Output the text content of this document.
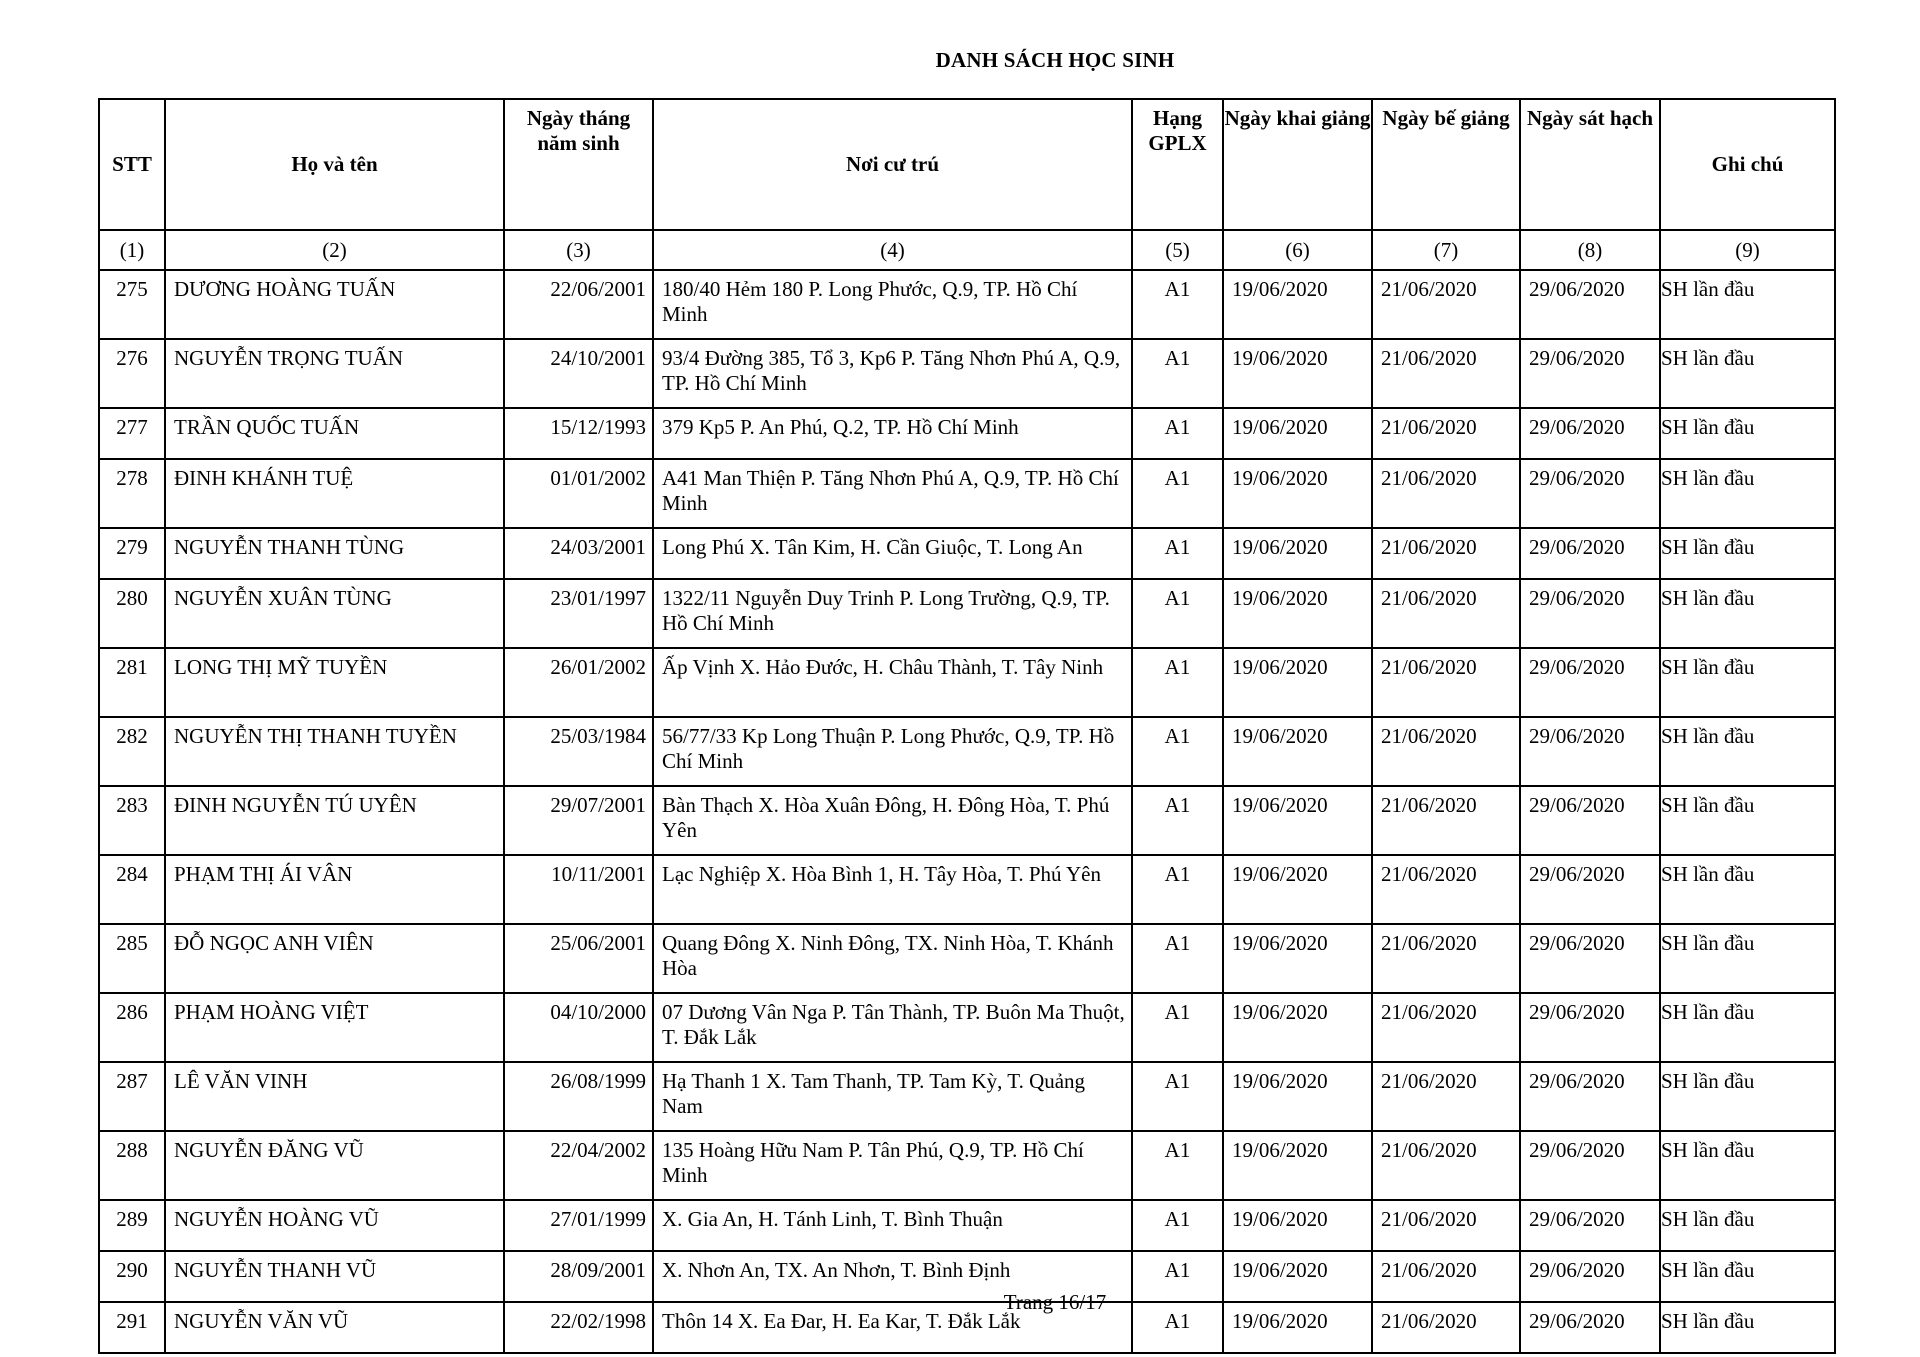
DANH SÁCH HỌC SINH
STT	Họ và tên	Ngày tháng năm sinh	Nơi cư trú	Hạng GPLX	Ngày khai giảng	Ngày bế giảng	Ngày sát hạch	Ghi chú
(1)	(2)	(3)	(4)	(5)	(6)	(7)	(8)	(9)
275	DƯƠNG HOÀNG TUẤN	22/06/2001	180/40 Hẻm 180 P. Long Phước, Q.9, TP. Hồ Chí Minh	A1	19/06/2020	21/06/2020	29/06/2020	SH lần đầu
276	NGUYỄN TRỌNG TUẤN	24/10/2001	93/4 Đường 385, Tổ 3, Kp6 P. Tăng Nhơn Phú A, Q.9, TP. Hồ Chí Minh	A1	19/06/2020	21/06/2020	29/06/2020	SH lần đầu
277	TRẦN QUỐC TUẤN	15/12/1993	379 Kp5 P. An Phú, Q.2, TP. Hồ Chí Minh	A1	19/06/2020	21/06/2020	29/06/2020	SH lần đầu
278	ĐINH KHÁNH TUỆ	01/01/2002	A41 Man Thiện P. Tăng Nhơn Phú A, Q.9, TP. Hồ Chí Minh	A1	19/06/2020	21/06/2020	29/06/2020	SH lần đầu
279	NGUYỄN THANH TÙNG	24/03/2001	Long Phú X. Tân Kim, H. Cần Giuộc, T. Long An	A1	19/06/2020	21/06/2020	29/06/2020	SH lần đầu
280	NGUYỄN XUÂN TÙNG	23/01/1997	1322/11 Nguyễn Duy Trinh P. Long Trường, Q.9, TP. Hồ Chí Minh	A1	19/06/2020	21/06/2020	29/06/2020	SH lần đầu
281	LONG THỊ MỸ TUYỀN	26/01/2002	Ấp Vịnh X. Hảo Đước, H. Châu Thành, T. Tây Ninh	A1	19/06/2020	21/06/2020	29/06/2020	SH lần đầu
282	NGUYỄN THỊ THANH TUYỀN	25/03/1984	56/77/33 Kp Long Thuận P. Long Phước, Q.9, TP. Hồ Chí Minh	A1	19/06/2020	21/06/2020	29/06/2020	SH lần đầu
283	ĐINH NGUYỄN TÚ UYÊN	29/07/2001	Bàn Thạch X. Hòa Xuân Đông, H. Đông Hòa, T. Phú Yên	A1	19/06/2020	21/06/2020	29/06/2020	SH lần đầu
284	PHẠM THỊ ÁI VÂN	10/11/2001	Lạc Nghiệp X. Hòa Bình 1, H. Tây Hòa, T. Phú Yên	A1	19/06/2020	21/06/2020	29/06/2020	SH lần đầu
285	ĐỖ NGỌC ANH VIÊN	25/06/2001	Quang Đông X. Ninh Đông, TX. Ninh Hòa, T. Khánh Hòa	A1	19/06/2020	21/06/2020	29/06/2020	SH lần đầu
286	PHẠM HOÀNG VIỆT	04/10/2000	07 Dương Vân Nga P. Tân Thành, TP. Buôn Ma Thuột, T. Đắk Lắk	A1	19/06/2020	21/06/2020	29/06/2020	SH lần đầu
287	LÊ VĂN VINH	26/08/1999	Hạ Thanh 1 X. Tam Thanh, TP. Tam Kỳ, T. Quảng Nam	A1	19/06/2020	21/06/2020	29/06/2020	SH lần đầu
288	NGUYỄN ĐĂNG VŨ	22/04/2002	135 Hoàng Hữu Nam P. Tân Phú, Q.9, TP. Hồ Chí Minh	A1	19/06/2020	21/06/2020	29/06/2020	SH lần đầu
289	NGUYỄN HOÀNG VŨ	27/01/1999	X. Gia An, H. Tánh Linh, T. Bình Thuận	A1	19/06/2020	21/06/2020	29/06/2020	SH lần đầu
290	NGUYỄN THANH VŨ	28/09/2001	X. Nhơn An, TX. An Nhơn, T. Bình Định	A1	19/06/2020	21/06/2020	29/06/2020	SH lần đầu
291	NGUYỄN VĂN VŨ	22/02/1998	Thôn 14 X. Ea Đar, H. Ea Kar, T. Đắk Lắk	A1	19/06/2020	21/06/2020	29/06/2020	SH lần đầu
Trang 16/17
